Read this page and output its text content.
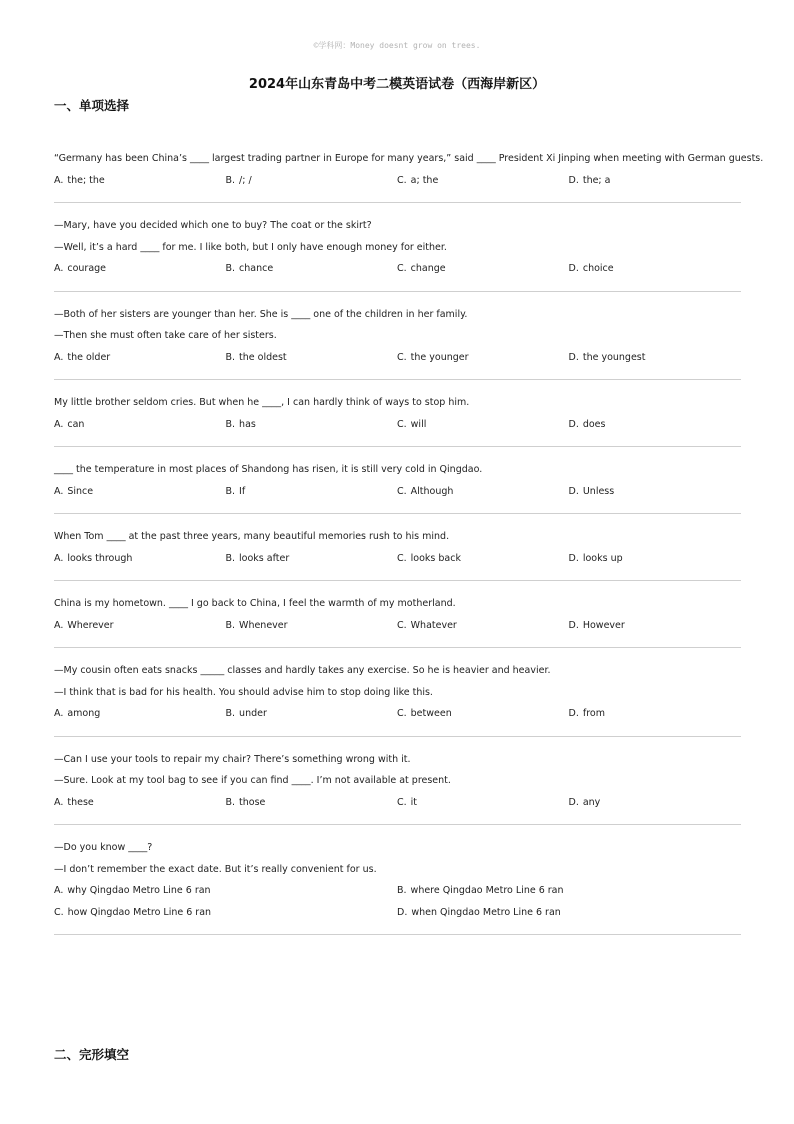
©学科网：Money doesnt grow on trees.
2024年山东青岛中考二模英语试卷（西海岸新区）
一、单项选择
“Germany has been China’s ____ largest trading partner in Europe for many years,” said ____ President Xi Jinping when meeting with German guests.
A. the; the	B. /; /	C. a; the	D. the; a
—Mary, have you decided which one to buy? The coat or the skirt?
—Well, it’s a hard ____ for me. I like both, but I only have enough money for either.
A. courage	B. chance	C. change	D. choice
—Both of her sisters are younger than her. She is ____ one of the children in her family.
—Then she must often take care of her sisters.
A. the older	B. the oldest	C. the younger	D. the youngest
My little brother seldom cries. But when he ____, I can hardly think of ways to stop him.
A. can	B. has	C. will	D. does
____ the temperature in most places of Shandong has risen, it is still very cold in Qingdao.
A. Since	B. If	C. Although	D. Unless
When Tom ____ at the past three years, many beautiful memories rush to his mind.
A. looks through	B. looks after	C. looks back	D. looks up
China is my hometown. ____ I go back to China, I feel the warmth of my motherland.
A. Wherever	B. Whenever	C. Whatever	D. However
—My cousin often eats snacks _____ classes and hardly takes any exercise. So he is heavier and heavier.
—I think that is bad for his health. You should advise him to stop doing like this.
A. among	B. under	C. between	D. from
—Can I use your tools to repair my chair? There’s something wrong with it.
—Sure. Look at my tool bag to see if you can find ____. I’m not available at present.
A. these	B. those	C. it	D. any
—Do you know ____?
—I don’t remember the exact date. But it’s really convenient for us.
A. why Qingdao Metro Line 6 ran	B. where Qingdao Metro Line 6 ran
C. how Qingdao Metro Line 6 ran	D. when Qingdao Metro Line 6 ran
二、完形填空
